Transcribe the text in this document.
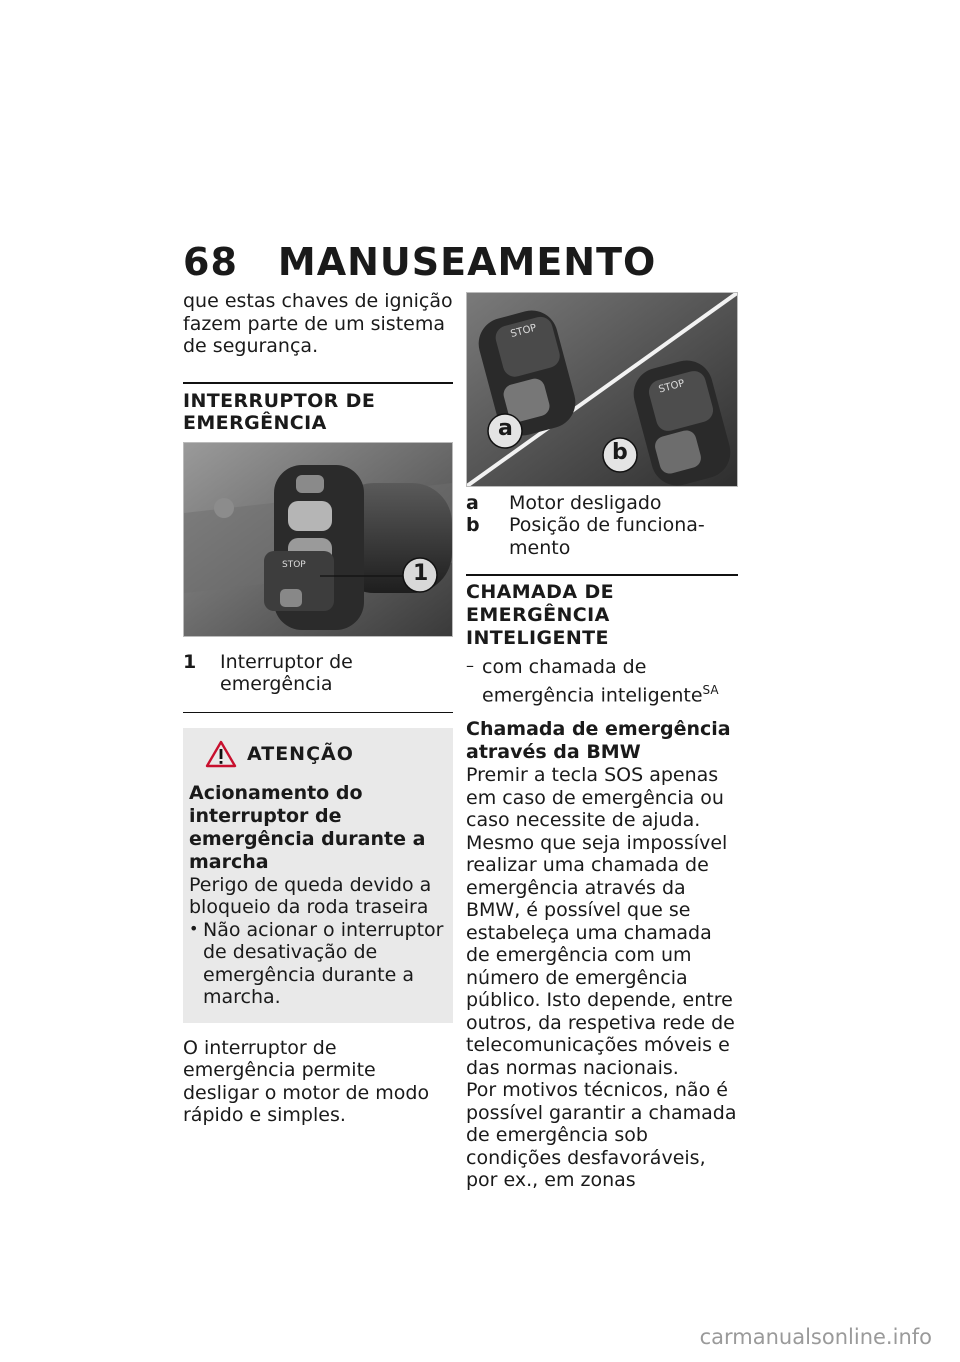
68 MANUSEAMENTO

que estas chaves de ignição fazem parte de um sistema de segurança.

INTERRUPTOR DE EMERGÊNCIA
STOP	1
1	Interruptor de emergência
ATENÇÃO

Acionamento do interruptor de emergência durante a marcha

Perigo de queda devido a bloqueio da roda traseira

• Não acionar o interruptor de desativação de emergência durante a marcha.

O interruptor de emergência permite desligar o motor de modo rápido e simples.

STOP
STOP
a
b
a	Motor desligado
b	Posição de funciona-mento
CHAMADA DE EMERGÊNCIA INTELIGENTE
– com chamada de emergência inteligente$^{SA}$

Chamada de emergência através da BMW

Premir a tecla SOS apenas em caso de emergência ou caso necessite de ajuda.

Mesmo que seja impossível realizar uma chamada de emergência através da BMW, é possível que se estabeleça uma chamada de emergência com um número de emergência público. Isto depende, entre outros, da respetiva rede de telecomunicações móveis e das normas nacionais.

Por motivos técnicos, não é possível garantir a chamada de emergência sob condições desfavoráveis, por ex., em zonas

carmanualsonline.info
